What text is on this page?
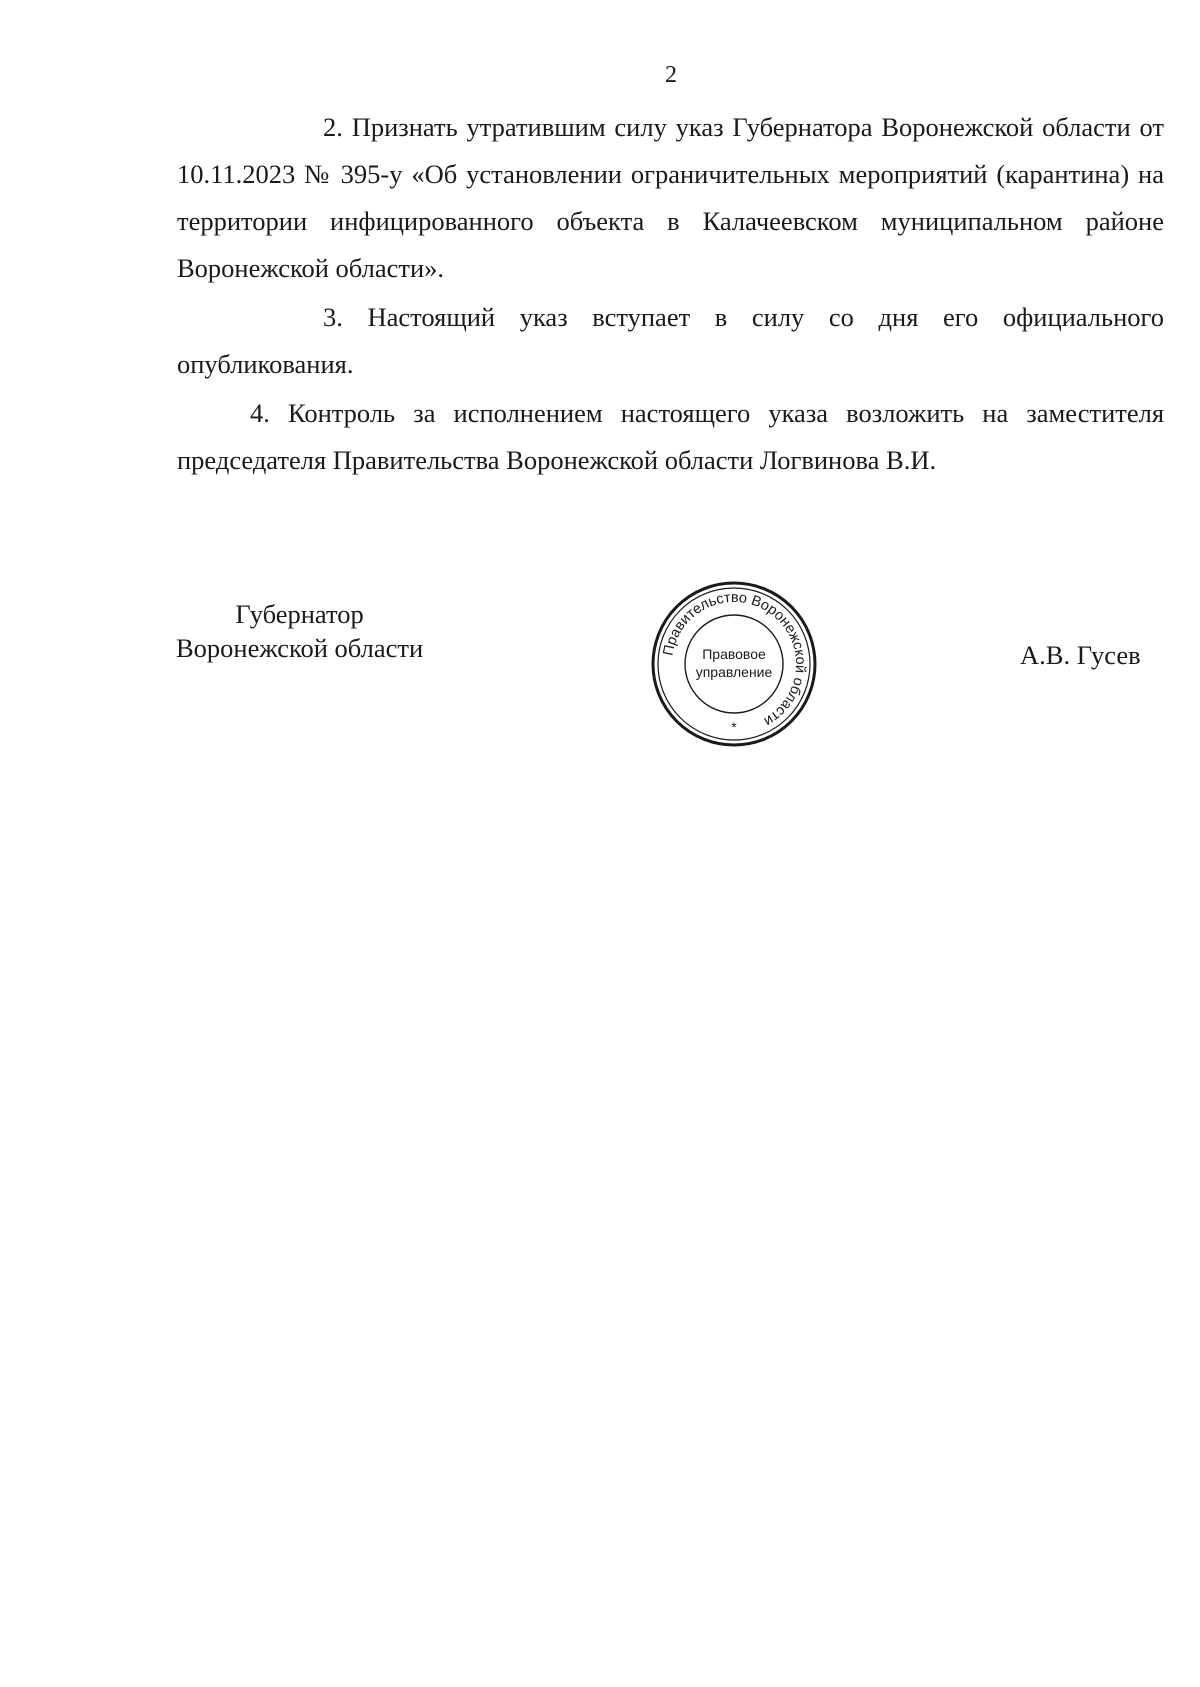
2

2. Признать утратившим силу указ Губернатора Воронежской области от 10.11.2023 № 395-у «Об установлении ограничительных мероприятий (карантина) на территории инфицированного объекта в Калачеевском муниципальном районе Воронежской области».

3. Настоящий указ вступает в силу со дня его официального опубликования.

4. Контроль за исполнением настоящего указа возложить на заместителя председателя Правительства Воронежской области Логвинова В.И.

Губернатор
Воронежской области	Правительство Воронежской области
Правовое
управление
*
А.В. Гусев
